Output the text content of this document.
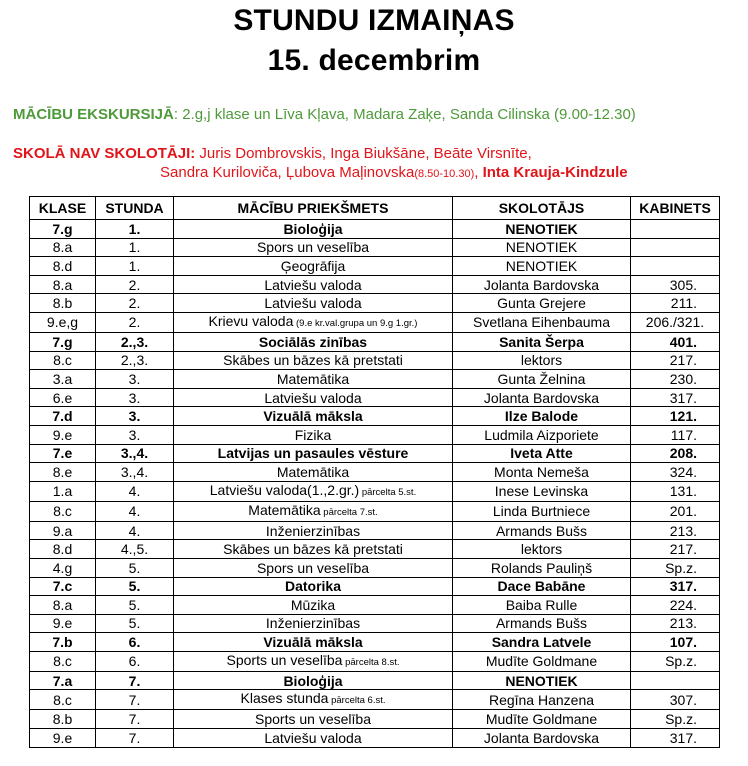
STUNDU IZMAIŅAS
15. decembrim
MĀCĪBU EKSKURSIJĀ: 2.g,j klase un Līva Kļava, Madara Zaķe, Sanda Cilinska (9.00-12.30)
SKOLĀ NAV SKOLOTĀJI: Juris Dombrovskis, Inga Biukšāne, Beāte Virsnīte,
Sandra Kuriloviča, Ļubova Maļinovska(8.50-10.30), Inta Krauja-Kindzule
KLASE	STUNDA	MĀCĪBU PRIEKŠMETS	SKOLOTĀJS	KABINETS
7.g	1.	Bioloģija	NENOTIEK	
8.a	1.	Spors un veselība	NENOTIEK	
8.d	1.	Ģeogrāfija	NENOTIEK	
8.a	2.	Latviešu valoda	Jolanta Bardovska	305.
8.b	2.	Latviešu valoda	Gunta Grejere	211.
9.e,g	2.	Krievu valoda (9.e kr.val.grupa un 9.g 1.gr.)	Svetlana Eihenbauma	206./321.
7.g	2.,3.	Sociālās zinības	Sanita Šerpa	401.
8.c	2.,3.	Skābes un bāzes kā pretstati	lektors	217.
3.a	3.	Matemātika	Gunta Želnina	230.
6.e	3.	Latviešu valoda	Jolanta Bardovska	317.
7.d	3.	Vizuālā māksla	Ilze Balode	121.
9.e	3.	Fizika	Ludmila Aizporiete	117.
7.e	3.,4.	Latvijas un pasaules vēsture	Iveta Atte	208.
8.e	3.,4.	Matemātika	Monta Nemeša	324.
1.a	4.	Latviešu valoda(1.,2.gr.) pārcelta 5.st.	Inese Levinska	131.
8.c	4.	Matemātika pārcelta 7.st.	Linda Burtniece	201.
9.a	4.	Inženierzinības	Armands Bušs	213.
8.d	4.,5.	Skābes un bāzes kā pretstati	lektors	217.
4.g	5.	Spors un veselība	Rolands Pauliņš	Sp.z.
7.c	5.	Datorika	Dace Babāne	317.
8.a	5.	Mūzika	Baiba Rulle	224.
9.e	5.	Inženierzinības	Armands Bušs	213.
7.b	6.	Vizuālā māksla	Sandra Latvele	107.
8.c	6.	Sports un veselība pārcelta 8.st.	Mudīte Goldmane	Sp.z.
7.a	7.	Bioloģija	NENOTIEK	
8.c	7.	Klases stunda pārcelta 6.st.	Regīna Hanzena	307.
8.b	7.	Sports un veselība	Mudīte Goldmane	Sp.z.
9.e	7.	Latviešu valoda	Jolanta Bardovska	317.
